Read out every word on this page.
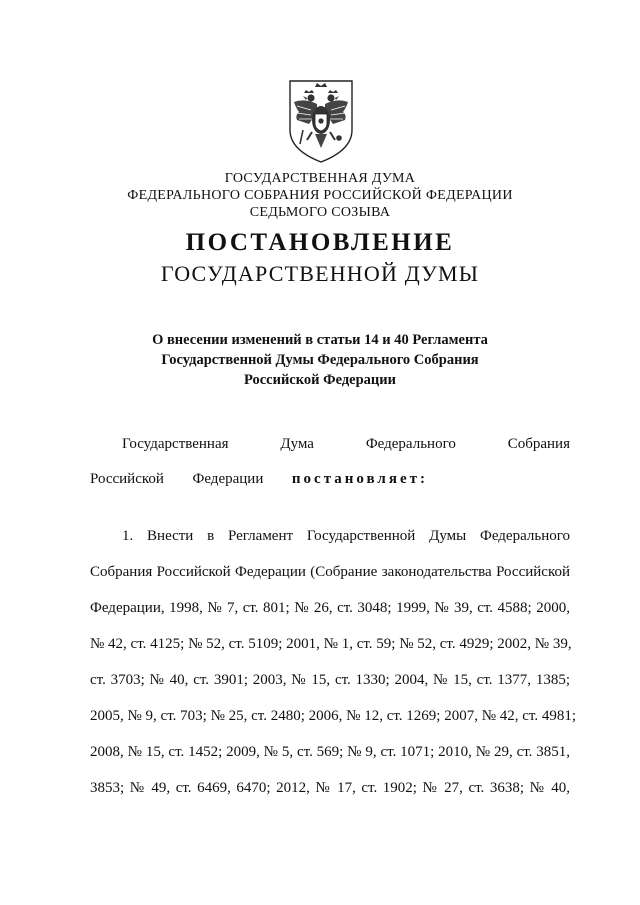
ГОСУДАРСТВЕННАЯ ДУМА
ФЕДЕРАЛЬНОГО СОБРАНИЯ РОССИЙСКОЙ ФЕДЕРАЦИИ
СЕДЬМОГО СОЗЫВА
ПОСТАНОВЛЕНИЕ
ГОСУДАРСТВЕННОЙ ДУМЫ
О внесении изменений в статьи 14 и 40 Регламента
Государственной Думы Федерального Собрания
Российской Федерации
Государственная	Дума	Федерального	Собрания
Российской Федерации постановляет:
1. Внести в Регламент Государственной Думы Федерального
Собрания Российской Федерации (Собрание законодательства Российской
Федерации, 1998, № 7, ст. 801; № 26, ст. 3048; 1999, № 39, ст. 4588; 2000,
№ 42, ст. 4125; № 52, ст. 5109; 2001, № 1, ст. 59; № 52, ст. 4929; 2002, № 39,
ст. 3703; № 40, ст. 3901; 2003, № 15, ст. 1330; 2004, № 15, ст. 1377, 1385;
2005, № 9, ст. 703; № 25, ст. 2480; 2006, № 12, ст. 1269; 2007, № 42, ст. 4981;
2008, № 15, ст. 1452; 2009, № 5, ст. 569; № 9, ст. 1071; 2010, № 29, ст. 3851,
3853; № 49, ст. 6469, 6470; 2012, № 17, ст. 1902; № 27, ст. 3638; № 40,
